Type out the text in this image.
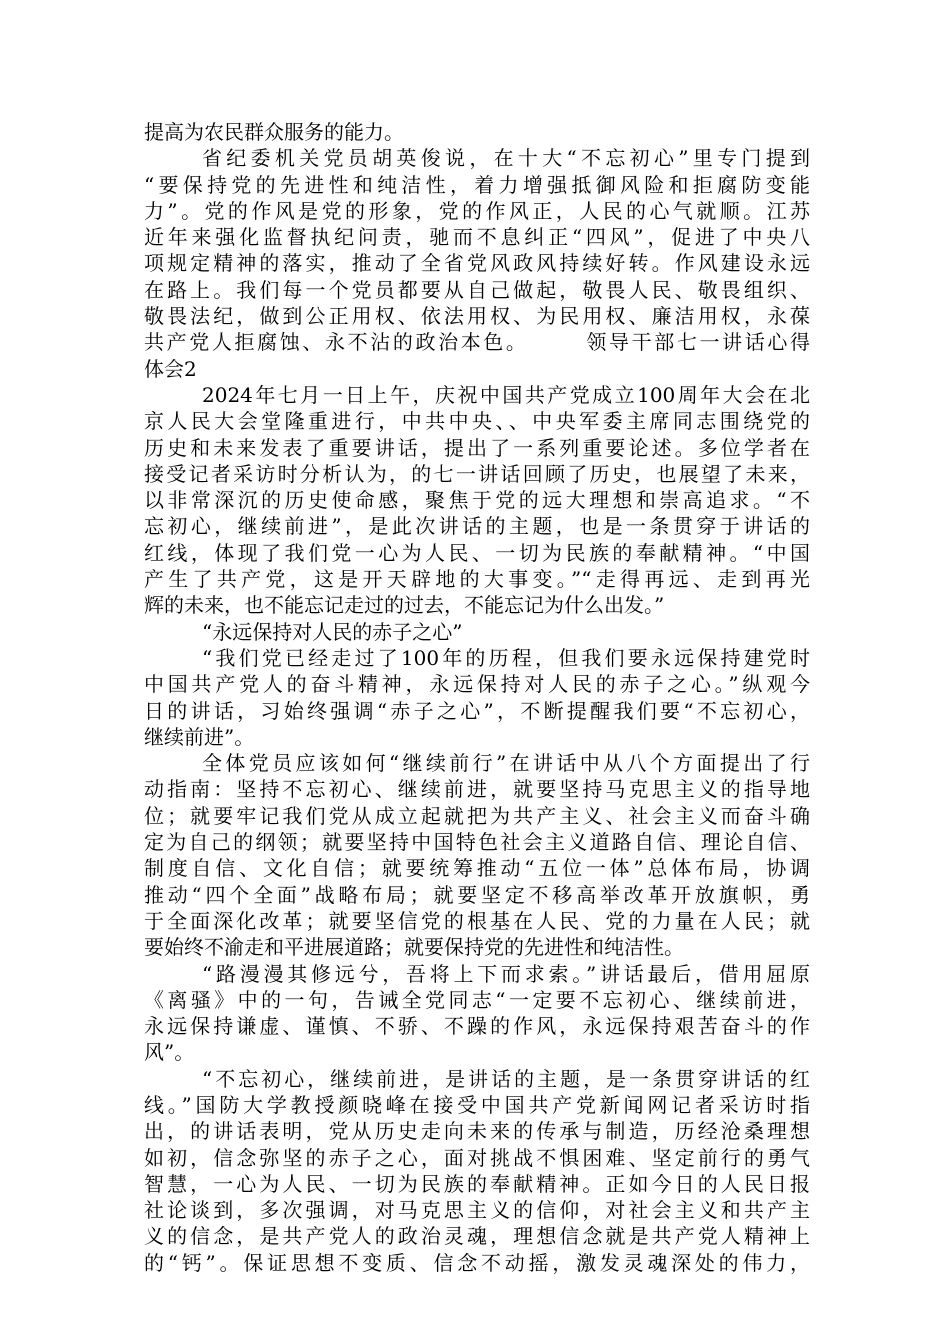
提高为农民群众服务的能力。
省纪委机关党员胡英俊说，在十大“不忘初心”里专门提到
“要保持党的先进性和纯洁性，着力增强抵御风险和拒腐防变能
力”。党的作风是党的形象，党的作风正，人民的心气就顺。江苏
近年来强化监督执纪问责，驰而不息纠正“四风”，促进了中央八
项规定精神的落实，推动了全省党风政风持续好转。作风建设永远
在路上。我们每一个党员都要从自己做起，敬畏人民、敬畏组织、
敬畏法纪，做到公正用权、依法用权、为民用权、廉洁用权，永葆
共产党人拒腐蚀、永不沾的政治本色。　　　领导干部七一讲话心得
体会2
2024年七月一日上午，庆祝中国共产党成立100周年大会在北
京人民大会堂隆重进行，中共中央、、中央军委主席同志围绕党的
历史和未来发表了重要讲话，提出了一系列重要论述。多位学者在
接受记者采访时分析认为，的七一讲话回顾了历史，也展望了未来，
以非常深沉的历史使命感，聚焦于党的远大理想和崇高追求。“不
忘初心，继续前进”，是此次讲话的主题，也是一条贯穿于讲话的
红线，体现了我们党一心为人民、一切为民族的奉献精神。“中国
产生了共产党，这是开天辟地的大事变。”“走得再远、走到再光
辉的未来，也不能忘记走过的过去，不能忘记为什么出发。”
“永远保持对人民的赤子之心”
“我们党已经走过了100年的历程，但我们要永远保持建党时
中国共产党人的奋斗精神，永远保持对人民的赤子之心。”纵观今
日的讲话，习始终强调“赤子之心”，不断提醒我们要“不忘初心，
继续前进”。
全体党员应该如何“继续前行”在讲话中从八个方面提出了行
动指南：坚持不忘初心、继续前进，就要坚持马克思主义的指导地
位；就要牢记我们党从成立起就把为共产主义、社会主义而奋斗确
定为自己的纲领；就要坚持中国特色社会主义道路自信、理论自信、
制度自信、文化自信；就要统筹推动“五位一体”总体布局，协调
推动“四个全面”战略布局；就要坚定不移高举改革开放旗帜，勇
于全面深化改革；就要坚信党的根基在人民、党的力量在人民；就
要始终不渝走和平进展道路；就要保持党的先进性和纯洁性。
“路漫漫其修远兮，吾将上下而求索。”讲话最后，借用屈原
《离骚》中的一句，告诫全党同志“一定要不忘初心、继续前进，
永远保持谦虚、谨慎、不骄、不躁的作风，永远保持艰苦奋斗的作
风”。
“不忘初心，继续前进，是讲话的主题，是一条贯穿讲话的红
线。”国防大学教授颜晓峰在接受中国共产党新闻网记者采访时指
出，的讲话表明，党从历史走向未来的传承与制造，历经沧桑理想
如初，信念弥坚的赤子之心，面对挑战不惧困难、坚定前行的勇气
智慧，一心为人民、一切为民族的奉献精神。正如今日的人民日报
社论谈到，多次强调，对马克思主义的信仰，对社会主义和共产主
义的信念，是共产党人的政治灵魂，理想信念就是共产党人精神上
的“钙”。保证思想不变质、信念不动摇，激发灵魂深处的伟力，
